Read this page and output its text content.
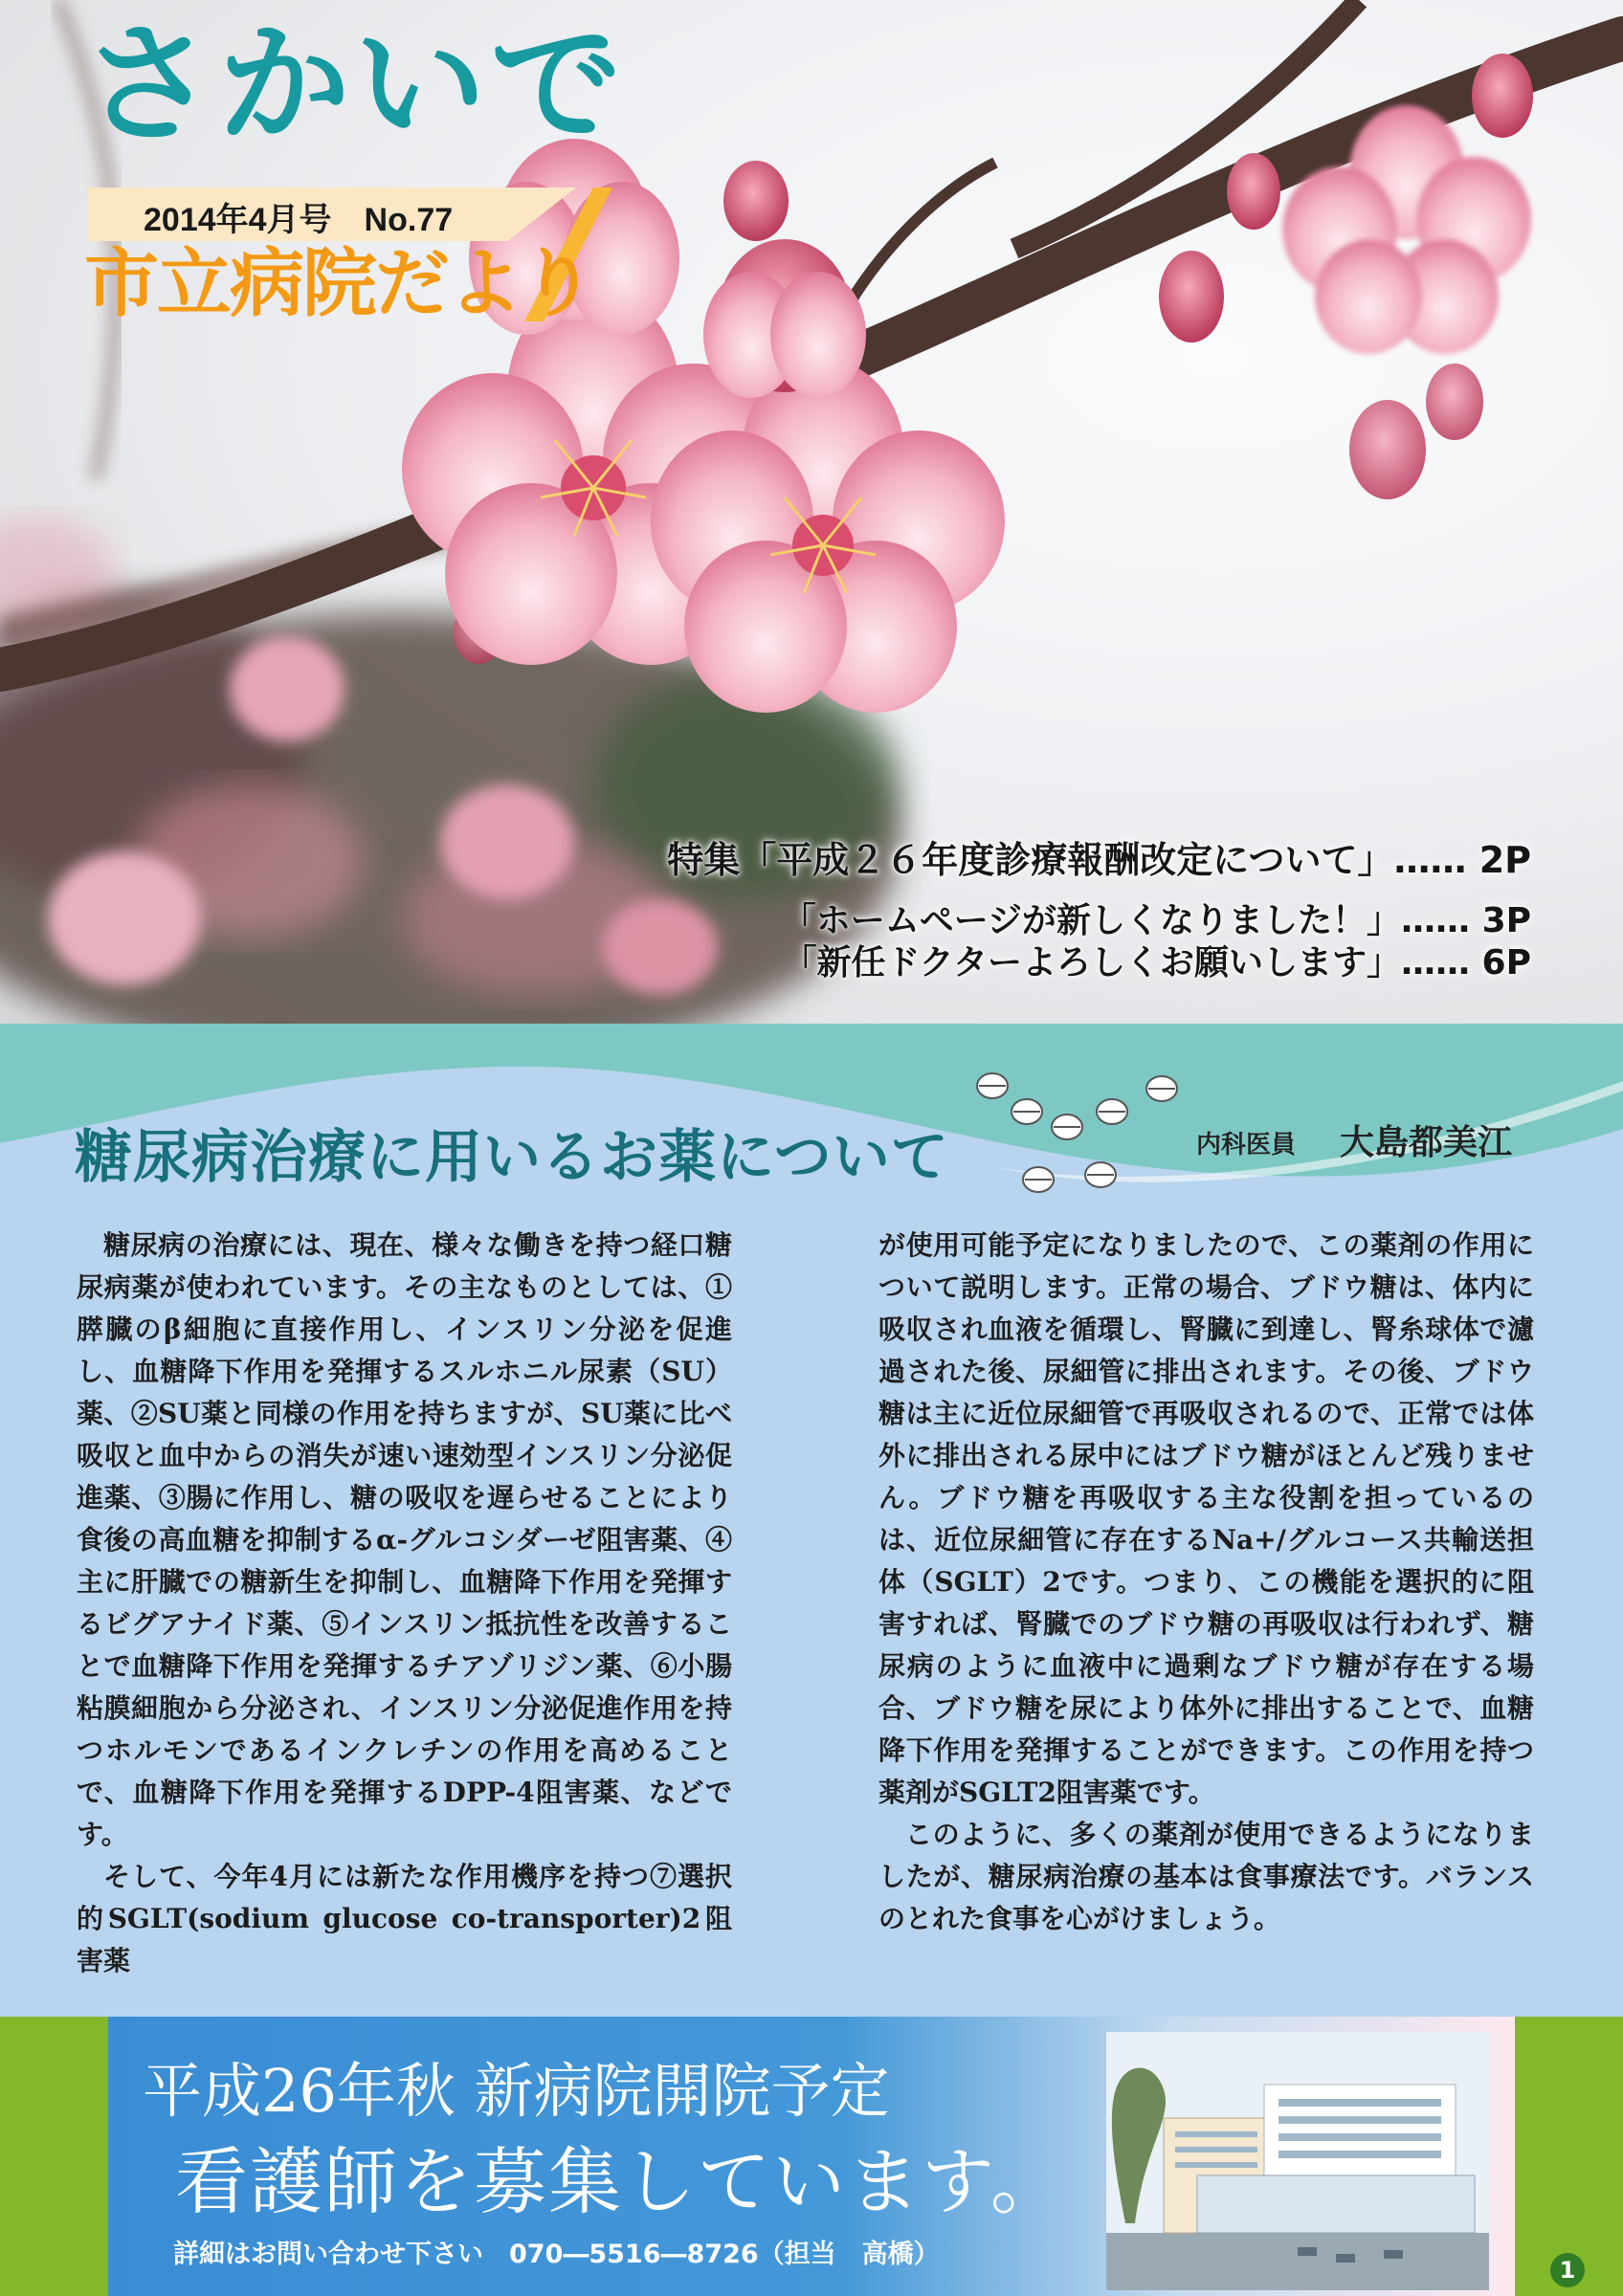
さかいで
2014年4月号　No.77
市立病院だより
特集「平成２６年度診療報酬改定について」…… 2P
「ホームページが新しくなりました！」…… 3P
「新任ドクターよろしくお願いします」…… 6P
糖尿病治療に用いるお薬について	内科医員 大島都美江

糖尿病の治療には、現在、様々な働きを持つ経口糖尿病薬が使われています。その主なものとしては、①膵臓のβ細胞に直接作用し、インスリン分泌を促進し、血糖降下作用を発揮するスルホニル尿素（SU）薬、②SU薬と同様の作用を持ちますが、SU薬に比べ吸収と血中からの消失が速い速効型インスリン分泌促進薬、③腸に作用し、糖の吸収を遅らせることにより食後の高血糖を抑制するα-グルコシダーゼ阻害薬、④主に肝臓での糖新生を抑制し、血糖降下作用を発揮するビグアナイド薬、⑤インスリン抵抗性を改善することで血糖降下作用を発揮するチアゾリジン薬、⑥小腸粘膜細胞から分泌され、インスリン分泌促進作用を持つホルモンであるインクレチンの作用を高めることで、血糖降下作用を発揮するDPP-4阻害薬、などです。

そして、今年4月には新たな作用機序を持つ⑦選択的SGLT(sodium glucose co-transporter)2阻害薬

が使用可能予定になりましたので、この薬剤の作用について説明します。正常の場合、ブドウ糖は、体内に吸収され血液を循環し、腎臓に到達し、腎糸球体で濾過された後、尿細管に排出されます。その後、ブドウ糖は主に近位尿細管で再吸収されるので、正常では体外に排出される尿中にはブドウ糖がほとんど残りません。ブドウ糖を再吸収する主な役割を担っているのは、近位尿細管に存在するNa+/グルコース共輸送担体（SGLT）2です。つまり、この機能を選択的に阻害すれば、腎臓でのブドウ糖の再吸収は行われず、糖尿病のように血液中に過剰なブドウ糖が存在する場合、ブドウ糖を尿により体外に排出することで、血糖降下作用を発揮することができます。この作用を持つ薬剤がSGLT2阻害薬です。

このように、多くの薬剤が使用できるようになりましたが、糖尿病治療の基本は食事療法です。バランスのとれた食事を心がけましょう。

平成26年秋 新病院開院予定
看護師を募集しています。
詳細はお問い合わせ下さい　070―5516―8726（担当　高橋）
1
